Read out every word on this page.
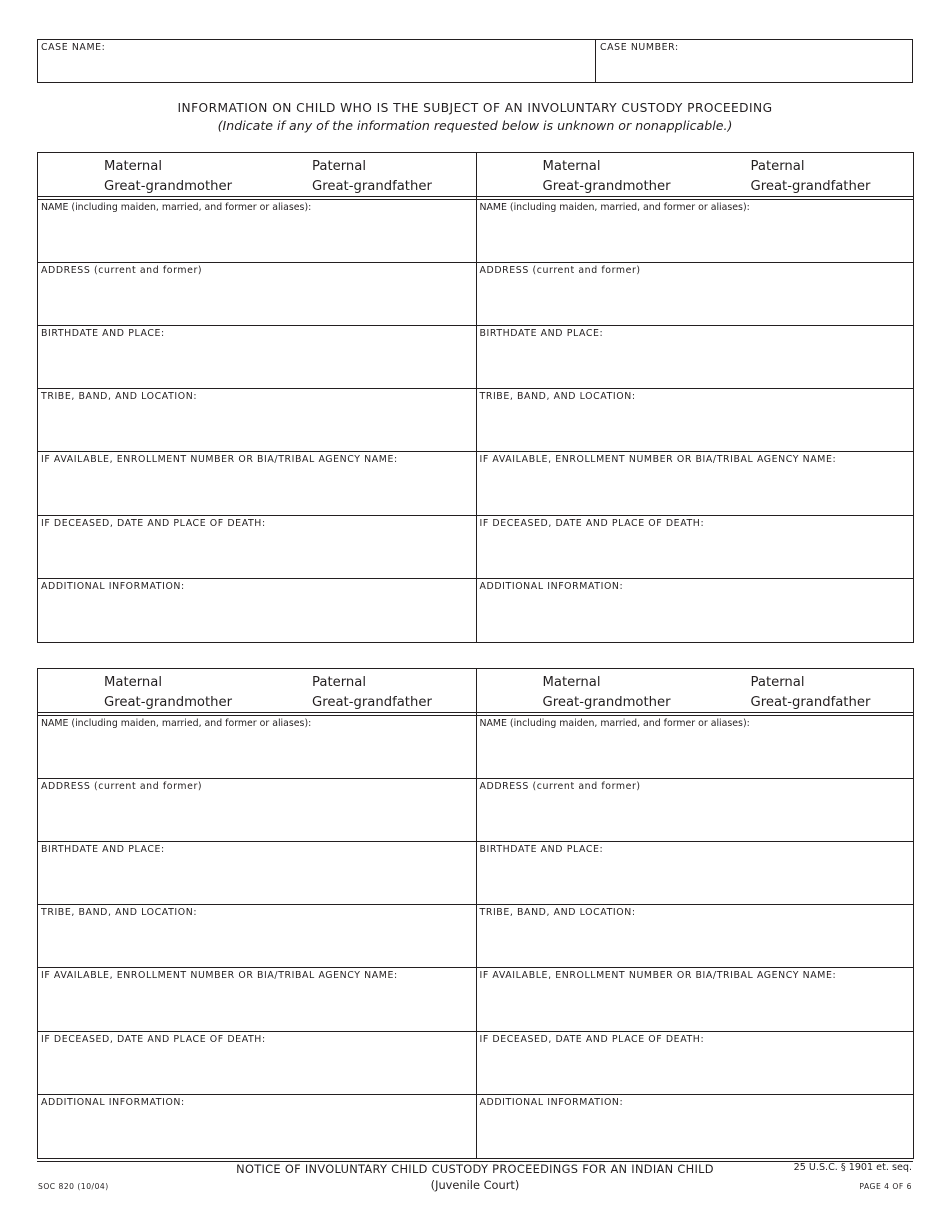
CASE NAME:	CASE NUMBER:
INFORMATION ON CHILD WHO IS THE SUBJECT OF AN INVOLUNTARY CUSTODY PROCEEDING
(Indicate if any of the information requested below is unknown or nonapplicable.)
Maternal
Great-grandmother
Paternal
Great-grandfather
NAME (including maiden, married, and former or aliases):
ADDRESS (current and former)
BIRTHDATE AND PLACE:
TRIBE, BAND, AND LOCATION:
IF AVAILABLE, ENROLLMENT NUMBER OR BIA/TRIBAL AGENCY NAME:
IF DECEASED, DATE AND PLACE OF DEATH:
ADDITIONAL INFORMATION:
Maternal
Great-grandmother
Paternal
Great-grandfather
NAME (including maiden, married, and former or aliases):
ADDRESS (current and former)
BIRTHDATE AND PLACE:
TRIBE, BAND, AND LOCATION:
IF AVAILABLE, ENROLLMENT NUMBER OR BIA/TRIBAL AGENCY NAME:
IF DECEASED, DATE AND PLACE OF DEATH:
ADDITIONAL INFORMATION:
Maternal
Great-grandmother
Paternal
Great-grandfather
NAME (including maiden, married, and former or aliases):
ADDRESS (current and former)
BIRTHDATE AND PLACE:
TRIBE, BAND, AND LOCATION:
IF AVAILABLE, ENROLLMENT NUMBER OR BIA/TRIBAL AGENCY NAME:
IF DECEASED, DATE AND PLACE OF DEATH:
ADDITIONAL INFORMATION:
Maternal
Great-grandmother
Paternal
Great-grandfather
NAME (including maiden, married, and former or aliases):
ADDRESS (current and former)
BIRTHDATE AND PLACE:
TRIBE, BAND, AND LOCATION:
IF AVAILABLE, ENROLLMENT NUMBER OR BIA/TRIBAL AGENCY NAME:
IF DECEASED, DATE AND PLACE OF DEATH:
ADDITIONAL INFORMATION:
NOTICE OF INVOLUNTARY CHILD CUSTODY PROCEEDINGS FOR AN INDIAN CHILD
(Juvenile Court)
SOC 820 (10/04)
25 U.S.C. § 1901 et. seq.
PAGE 4 OF 6
